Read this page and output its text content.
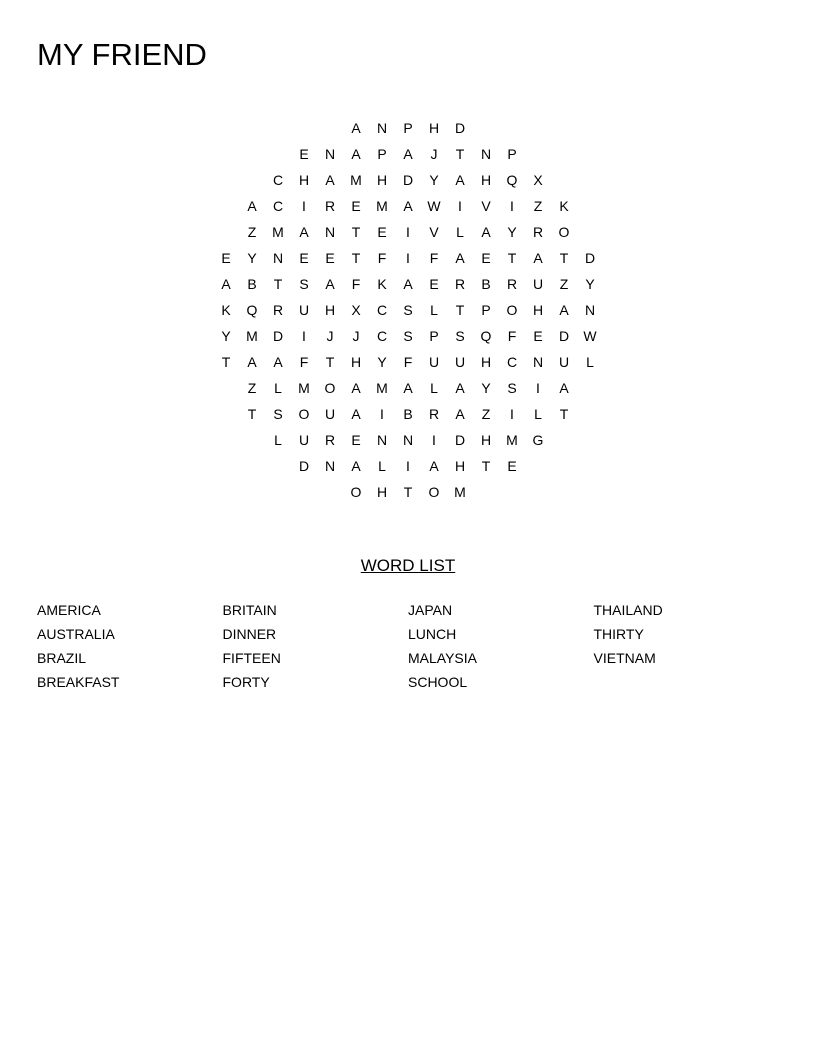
MY FRIEND
A	N	P	H	D
E	N	A	P	A	J	T	N	P
C	H	A	M	H	D	Y	A	H	Q	X
A	C	I	R	E	M	A	W	I	V	I	Z	K
Z	M	A	N	T	E	I	V	L	A	Y	R	O
E	Y	N	E	E	T	F	I	F	A	E	T	A	T	D
A	B	T	S	A	F	K	A	E	R	B	R	U	Z	Y
K	Q	R	U	H	X	C	S	L	T	P	O	H	A	N
Y	M	D	I	J	J	C	S	P	S	Q	F	E	D	W
T	A	A	F	T	H	Y	F	U	U	H	C	N	U	L
Z	L	M	O	A	M	A	L	A	Y	S	I	A
T	S	O	U	A	I	B	R	A	Z	I	L	T
L	U	R	E	N	N	I	D	H	M	G
D	N	A	L	I	A	H	T	E
O	H	T	O	M
WORD LIST
AMERICA
AUSTRALIA
BRAZIL
BREAKFAST
BRITAIN
DINNER
FIFTEEN
FORTY
JAPAN
LUNCH
MALAYSIA
SCHOOL
THAILAND
THIRTY
VIETNAM
